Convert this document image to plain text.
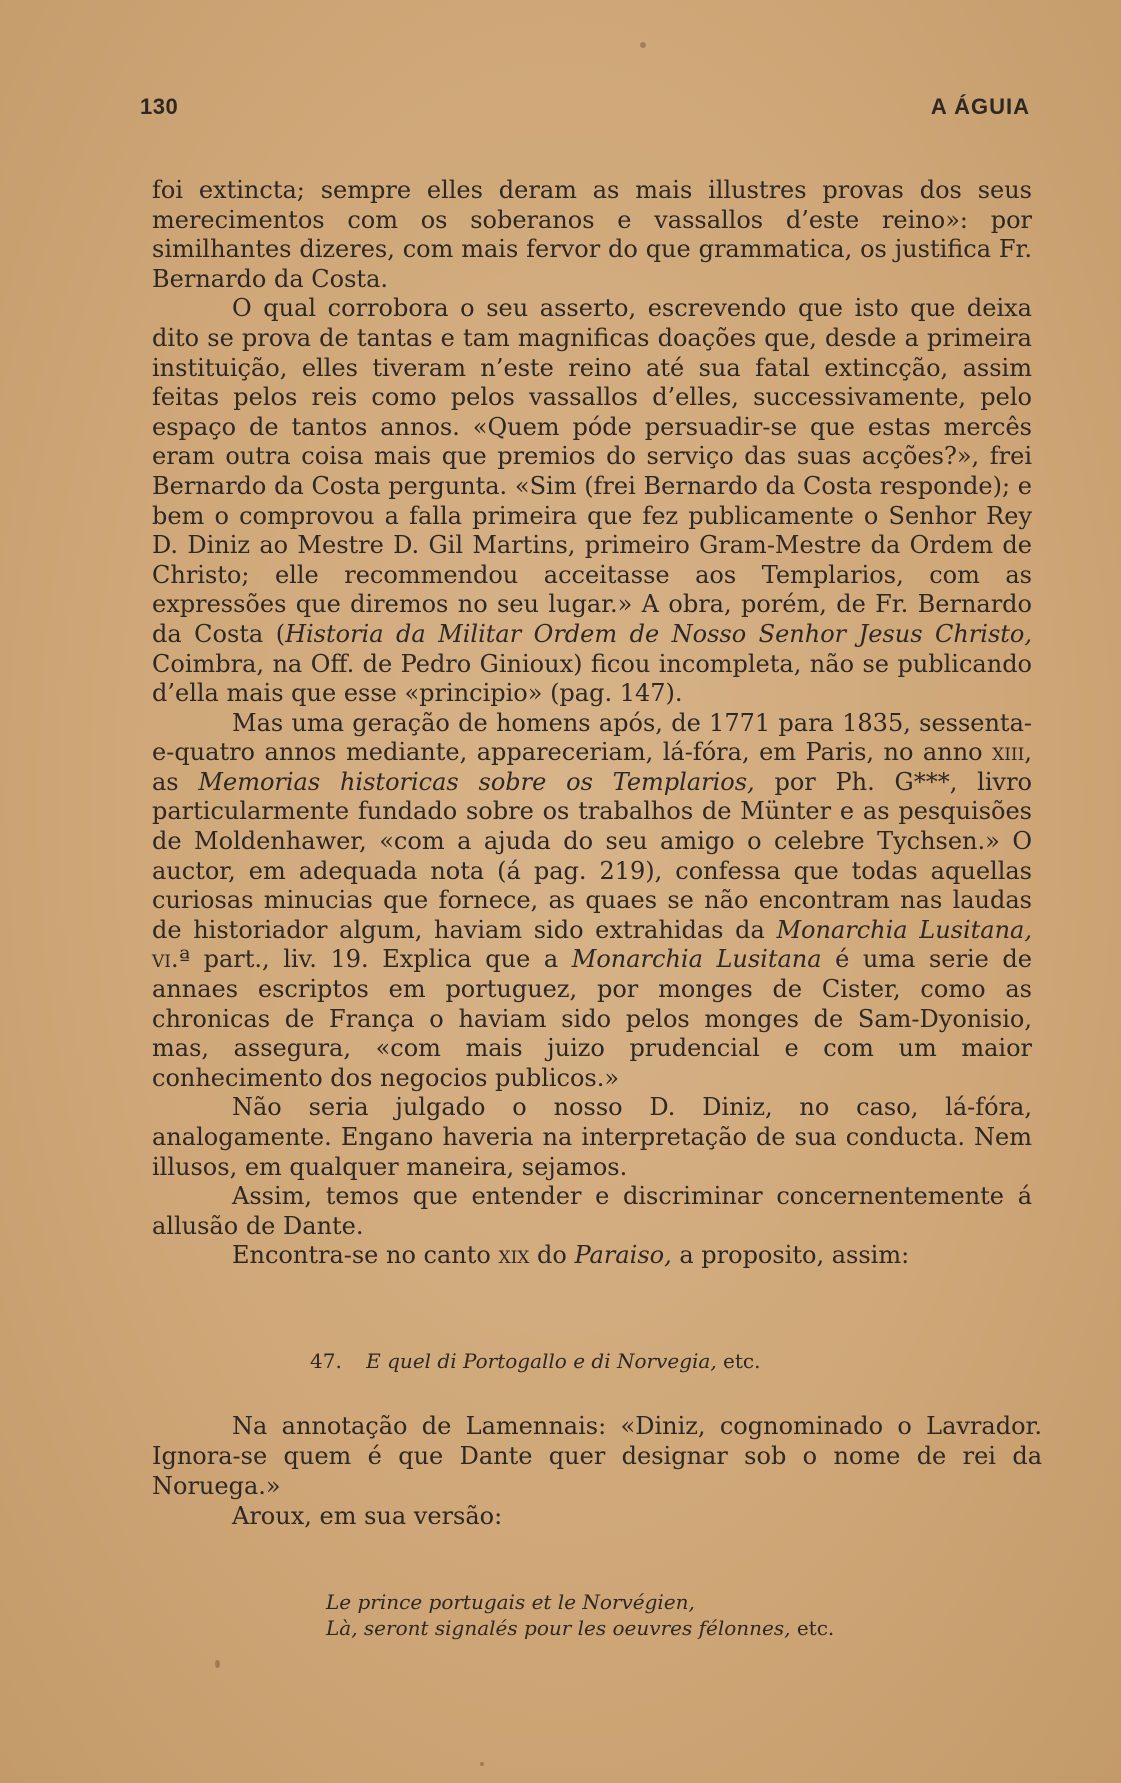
130	A ÁGUIA

foi extincta; sempre elles deram as mais illustres provas dos seus merecimentos com os soberanos e vassallos d’este reino»: por similhantes dizeres, com mais fervor do que grammatica, os justifica Fr. Bernardo da Costa.

O qual corrobora o seu asserto, escrevendo que isto que deixa dito se prova de tantas e tam magnificas doações que, desde a primeira instituição, elles tiveram n’este reino até sua fatal extincção, assim feitas pelos reis como pelos vassallos d’elles, successivamente, pelo espaço de tantos annos. «Quem póde persuadir-se que estas mercês eram outra coisa mais que premios do serviço das suas acções?», frei Bernardo da Costa pergunta. «Sim (frei Bernardo da Costa responde); e bem o comprovou a falla primeira que fez publicamente o Senhor Rey D. Diniz ao Mestre D. Gil Martins, primeiro Gram-Mestre da Ordem de Christo; elle recommendou acceitasse aos Templarios, com as expressões que diremos no seu lugar.» A obra, porém, de Fr. Bernardo da Costa (Historia da Militar Ordem de Nosso Senhor Jesus Christo, Coimbra, na Off. de Pedro Ginioux) ficou incompleta, não se publicando d’ella mais que esse «principio» (pag. 147).

Mas uma geração de homens após, de 1771 para 1835, sessenta-e-quatro annos mediante, appareceriam, lá-fóra, em Paris, no anno xiii, as Memorias historicas sobre os Templarios, por Ph. G***, livro particularmente fundado sobre os trabalhos de Münter e as pesquisões de Moldenhawer, «com a ajuda do seu amigo o celebre Tychsen.» O auctor, em adequada nota (á pag. 219), confessa que todas aquellas curiosas minucias que fornece, as quaes se não encontram nas laudas de historiador algum, haviam sido extrahidas da Monarchia Lusitana, vi.ª part., liv. 19. Explica que a Monarchia Lusitana é uma serie de annaes escriptos em portuguez, por monges de Cister, como as chronicas de França o haviam sido pelos monges de Sam-Dyonisio, mas, assegura, «com mais juizo prudencial e com um maior conhecimento dos negocios publicos.»

Não seria julgado o nosso D. Diniz, no caso, lá-fóra, analogamente. Engano haveria na interpretação de sua conducta. Nem illusos, em qualquer maneira, sejamos.

Assim, temos que entender e discriminar concernentemente á allusão de Dante.

Encontra-se no canto xix do Paraiso, a proposito, assim:

47. E quel di Portogallo e di Norvegia, etc.

Na annotação de Lamennais: «Diniz, cognominado o Lavrador. Ignora-se quem é que Dante quer designar sob o nome de rei da Noruega.»

Aroux, em sua versão:

Le prince portugais et le Norvégien,
Là, seront signalés pour les oeuvres félonnes, etc.
